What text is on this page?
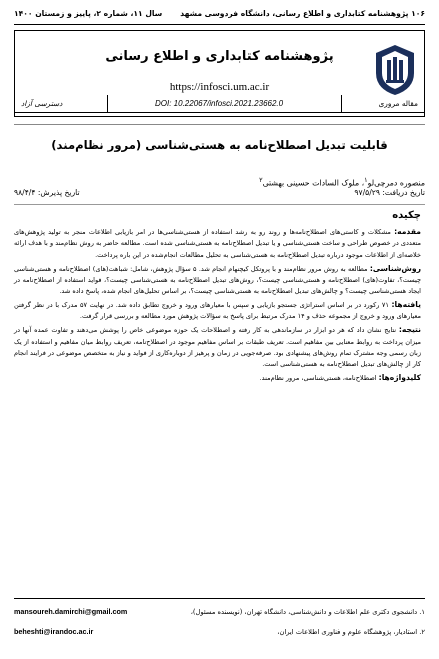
۱۰۶ پژوهشنامه کتابداری و اطلاع رسانی، دانشگاه فردوسی مشهد
سال ۱۱، شماره ۲، پاییز و زمستان ۱۴۰۰
پژوهشنامه کتابداری و اطلاع رسانی
https://infosci.um.ac.ir
مقاله مروری
DOI: 10.22067/infosci.2021.23662.0
دسترسی آزاد
قابلیت تبدیل اصطلاح‌نامه به هستی‌شناسی (مرور نظام‌مند)
منصوره دمرچی‌لو$^۱$، ملوک السادات حسینی بهشتی$^۲$
تاریخ دریافت: ۹۷/۵/۲۹
تاریخ پذیرش: ۹۸/۴/۴
چکیده

مقدمه: مشکلات و کاستی‌های اصطلاح‌نامه‌ها و روند رو به رشد استفاده از هستی‌شناسی‌ها در امر بازیابی اطلاعات منجر به تولید پژوهش‌های متعددی در خصوص طراحی و ساخت هستی‌شناسی و یا تبدیل اصطلاح‌نامه به هستی‌شناسی شده است. مطالعه حاضر به روش نظام‌مند و با هدف ارائه خلاصه‌ای از اطلاعات موجود درباره تبدیل اصطلاح‌نامه به هستی‌شناسی به تحلیل مطالعات انجام‌شده در این باره پرداخت.

روش‌شناسی: مطالعه به روش مرور نظام‌مند و با پروتکل کیچنهام انجام شد. ۵ سؤال پژوهش، شامل: شباهت(های) اصطلاح‌نامه و هستی‌شناسی چیست؟، تفاوت(های) اصطلاح‌نامه و هستی‌شناسی چیست؟، روش‌های تبدیل اصطلاح‌نامه به هستی‌شناسی چیست؟، فواید استفاده از اصطلاح‌نامه در ایجاد هستی‌شناسی چیست؟ و چالش‌های تبدیل اصطلاح‌نامه به هستی‌شناسی چیست؟، بر اساس تحلیل‌های انجام شده، پاسخ داده شد.

یافته‌ها: ۷۱ رکورد در بر اساس استراتژی جستجو بازیابی و سپس با معیارهای ورود و خروج تطابق داده شد. در نهایت ۵۷ مدرک با در نظر گرفتن معیارهای ورود و خروج از مجموعه حذف و ۱۴ مدرک مرتبط برای پاسخ به سؤالات پژوهش مورد مطالعه و بررسی قرار گرفت.

نتیجه: نتایج نشان داد که هر دو ابزار در سازماندهی به کار رفته و اصطلاحات یک حوزه موضوعی خاص را پوشش می‌دهند و تفاوت عمده آنها در میزان پرداخت به روابط معنایی بین مفاهیم است. تعریف طبقات بر اساس مفاهیم موجود در اصطلاح‌نامه، تعریف روابط میان مفاهیم و استفاده از یک زبان رسمی وجه مشترک تمام روش‌های پیشنهادی بود. صرفه‌جویی در زمان و پرهیز از دوباره‌کاری از فواید و نیاز به متخصص موضوعی در فرایند انجام کار از چالش‌های تبدیل اصطلاح‌نامه به هستی‌شناسی است.

کلیدواژه‌ها: اصطلاح‌نامه، هستی‌شناسی، مرور نظام‌مند.

۱. دانشجوی دکتری علم اطلاعات و دانش‌شناسی، دانشگاه تهران، (نویسنده مسئول)،
mansoureh.damirchi@gmail.com
۲. استادیار، پژوهشگاه علوم و فناوری اطلاعات ایران،
beheshti@irandoc.ac.ir
